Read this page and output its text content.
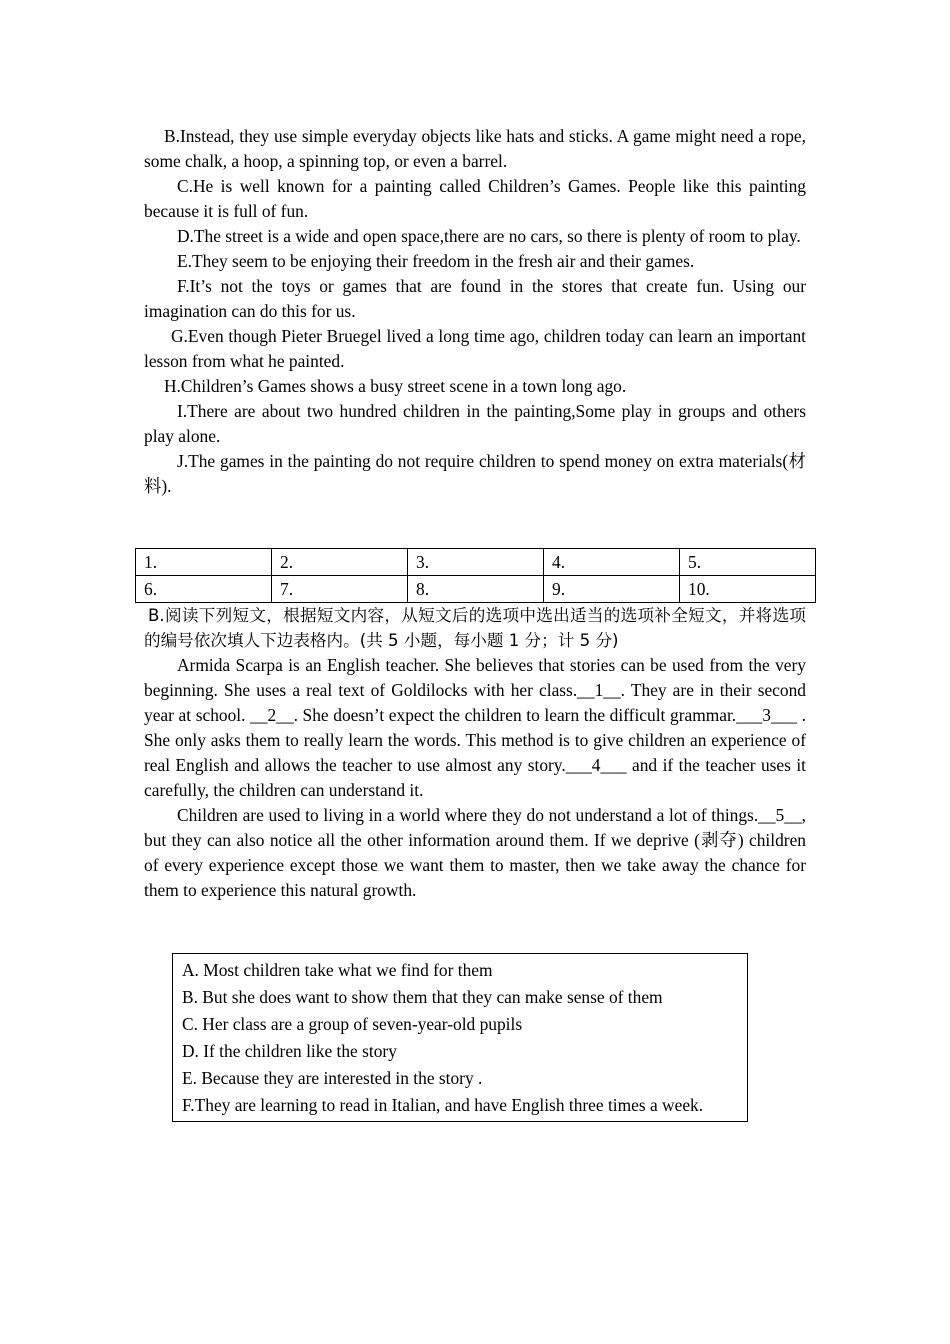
B.Instead, they use simple everyday objects like hats and sticks. A game might need a rope, some chalk, a hoop, a spinning top, or even a barrel.

C.He is well known for a painting called Children’s Games. People like this painting because it is full of fun.

D.The street is a wide and open space,there are no cars, so there is plenty of room to play.

E.They seem to be enjoying their freedom in the fresh air and their games.

F.It’s not the toys or games that are found in the stores that create fun. Using our imagination can do this for us.

G.Even though Pieter Bruegel lived a long time ago, children today can learn an important lesson from what he painted.

H.Children’s Games shows a busy street scene in a town long ago.

I.There are about two hundred children in the painting,Some play in groups and others play alone.

J.The games in the painting do not require children to spend money on extra materials(材料).

1.	2.	3.	4.	5.
6.	7.	8.	9.	10.

B.阅读下列短文，根据短文内容，从短文后的选项中选出适当的选项补全短文，并将选项的编号依次填人下边表格内。(共 5 小题，每小题 1 分；计 5 分)

Armida Scarpa is an English teacher. She believes that stories can be used from the very beginning. She uses a real text of Goldilocks with her class.__1__. They are in their second year at school. __2__. She doesn’t expect the children to learn the difficult grammar.___3___ . She only asks them to really learn the words. This method is to give children an experience of real English and allows the teacher to use almost any story.___4___ and if the teacher uses it carefully, the children can understand it.

Children are used to living in a world where they do not understand a lot of things.__5__, but they can also notice all the other information around them. If we deprive (剥夺) children of every experience except those we want them to master, then we take away the chance for them to experience this natural growth.

A. Most children take what we find for them

B. But she does want to show them that they can make sense of them

C. Her class are a group of seven-year-old pupils

D. If the children like the story

E. Because they are interested in the story .

F.They are learning to read in Italian, and have English three times a week.
